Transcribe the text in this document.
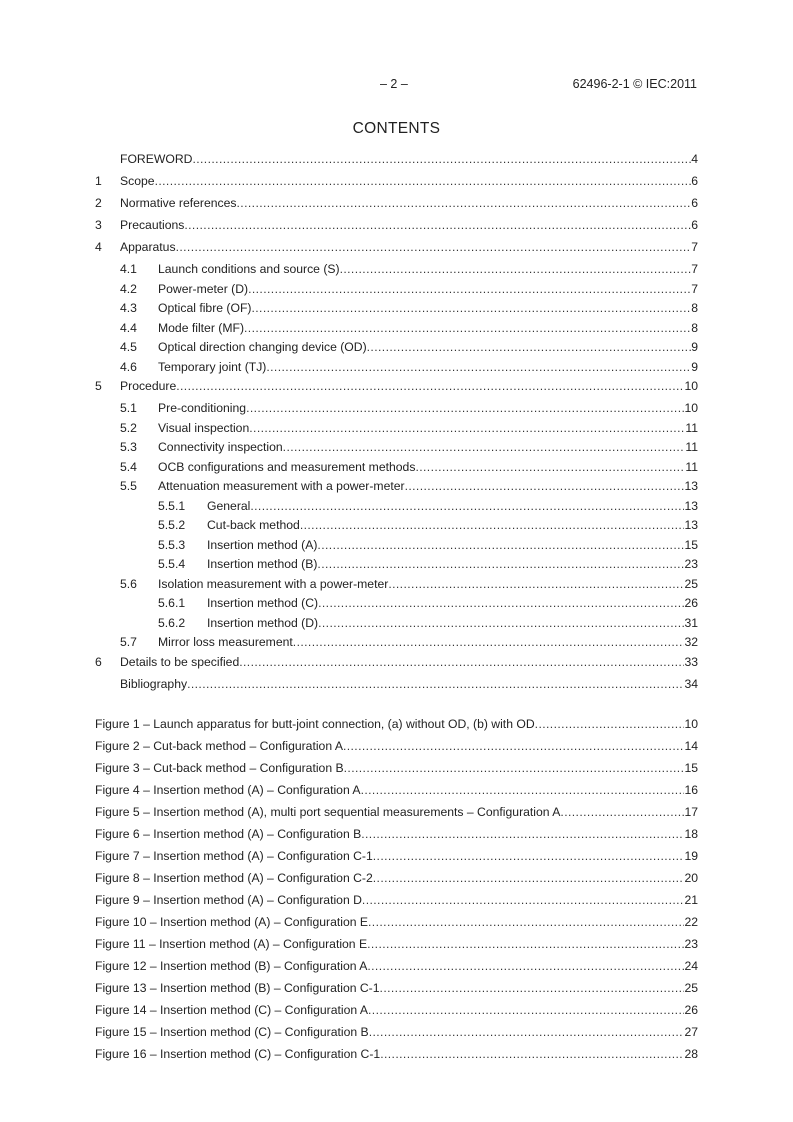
– 2 –	62496-2-1 © IEC:2011
CONTENTS
FOREWORD .....	4
1	Scope .....	6
2	Normative references .....	6
3	Precautions .....	6
4	Apparatus .....	7
4.1	Launch conditions and source (S) .....	7
4.2	Power-meter (D) .....	7
4.3	Optical fibre (OF) .....	8
4.4	Mode filter (MF) .....	8
4.5	Optical direction changing device (OD) .....	9
4.6	Temporary joint (TJ) .....	9
5	Procedure .....	10
5.1	Pre-conditioning .....	10
5.2	Visual inspection .....	11
5.3	Connectivity inspection .....	11
5.4	OCB configurations and measurement methods .....	11
5.5	Attenuation measurement with a power-meter .....	13
5.5.1	General .....	13
5.5.2	Cut-back method .....	13
5.5.3	Insertion method (A) .....	15
5.5.4	Insertion method (B) .....	23
5.6	Isolation measurement with a power-meter .....	25
5.6.1	Insertion method (C) .....	26
5.6.2	Insertion method (D) .....	31
5.7	Mirror loss measurement .....	32
6	Details to be specified .....	33
Bibliography .....	34
Figure 1 – Launch apparatus for butt-joint connection, (a) without OD, (b) with OD .....	10
Figure 2 – Cut-back method – Configuration A .....	14
Figure 3 – Cut-back method – Configuration B .....	15
Figure 4 – Insertion method (A) – Configuration A .....	16
Figure 5 – Insertion method (A), multi port sequential measurements – Configuration A .....	17
Figure 6 – Insertion method (A) – Configuration B .....	18
Figure 7 – Insertion method (A) – Configuration C-1 .....	19
Figure 8 – Insertion method (A) – Configuration C-2 .....	20
Figure 9 – Insertion method (A) – Configuration D .....	21
Figure 10 – Insertion method (A) – Configuration E .....	22
Figure 11 – Insertion method (A) – Configuration E .....	23
Figure 12 – Insertion method (B) – Configuration A .....	24
Figure 13 – Insertion method (B) – Configuration C-1 .....	25
Figure 14 – Insertion method (C) – Configuration A .....	26
Figure 15 – Insertion method (C) – Configuration B .....	27
Figure 16 – Insertion method (C) – Configuration C-1 .....	28
